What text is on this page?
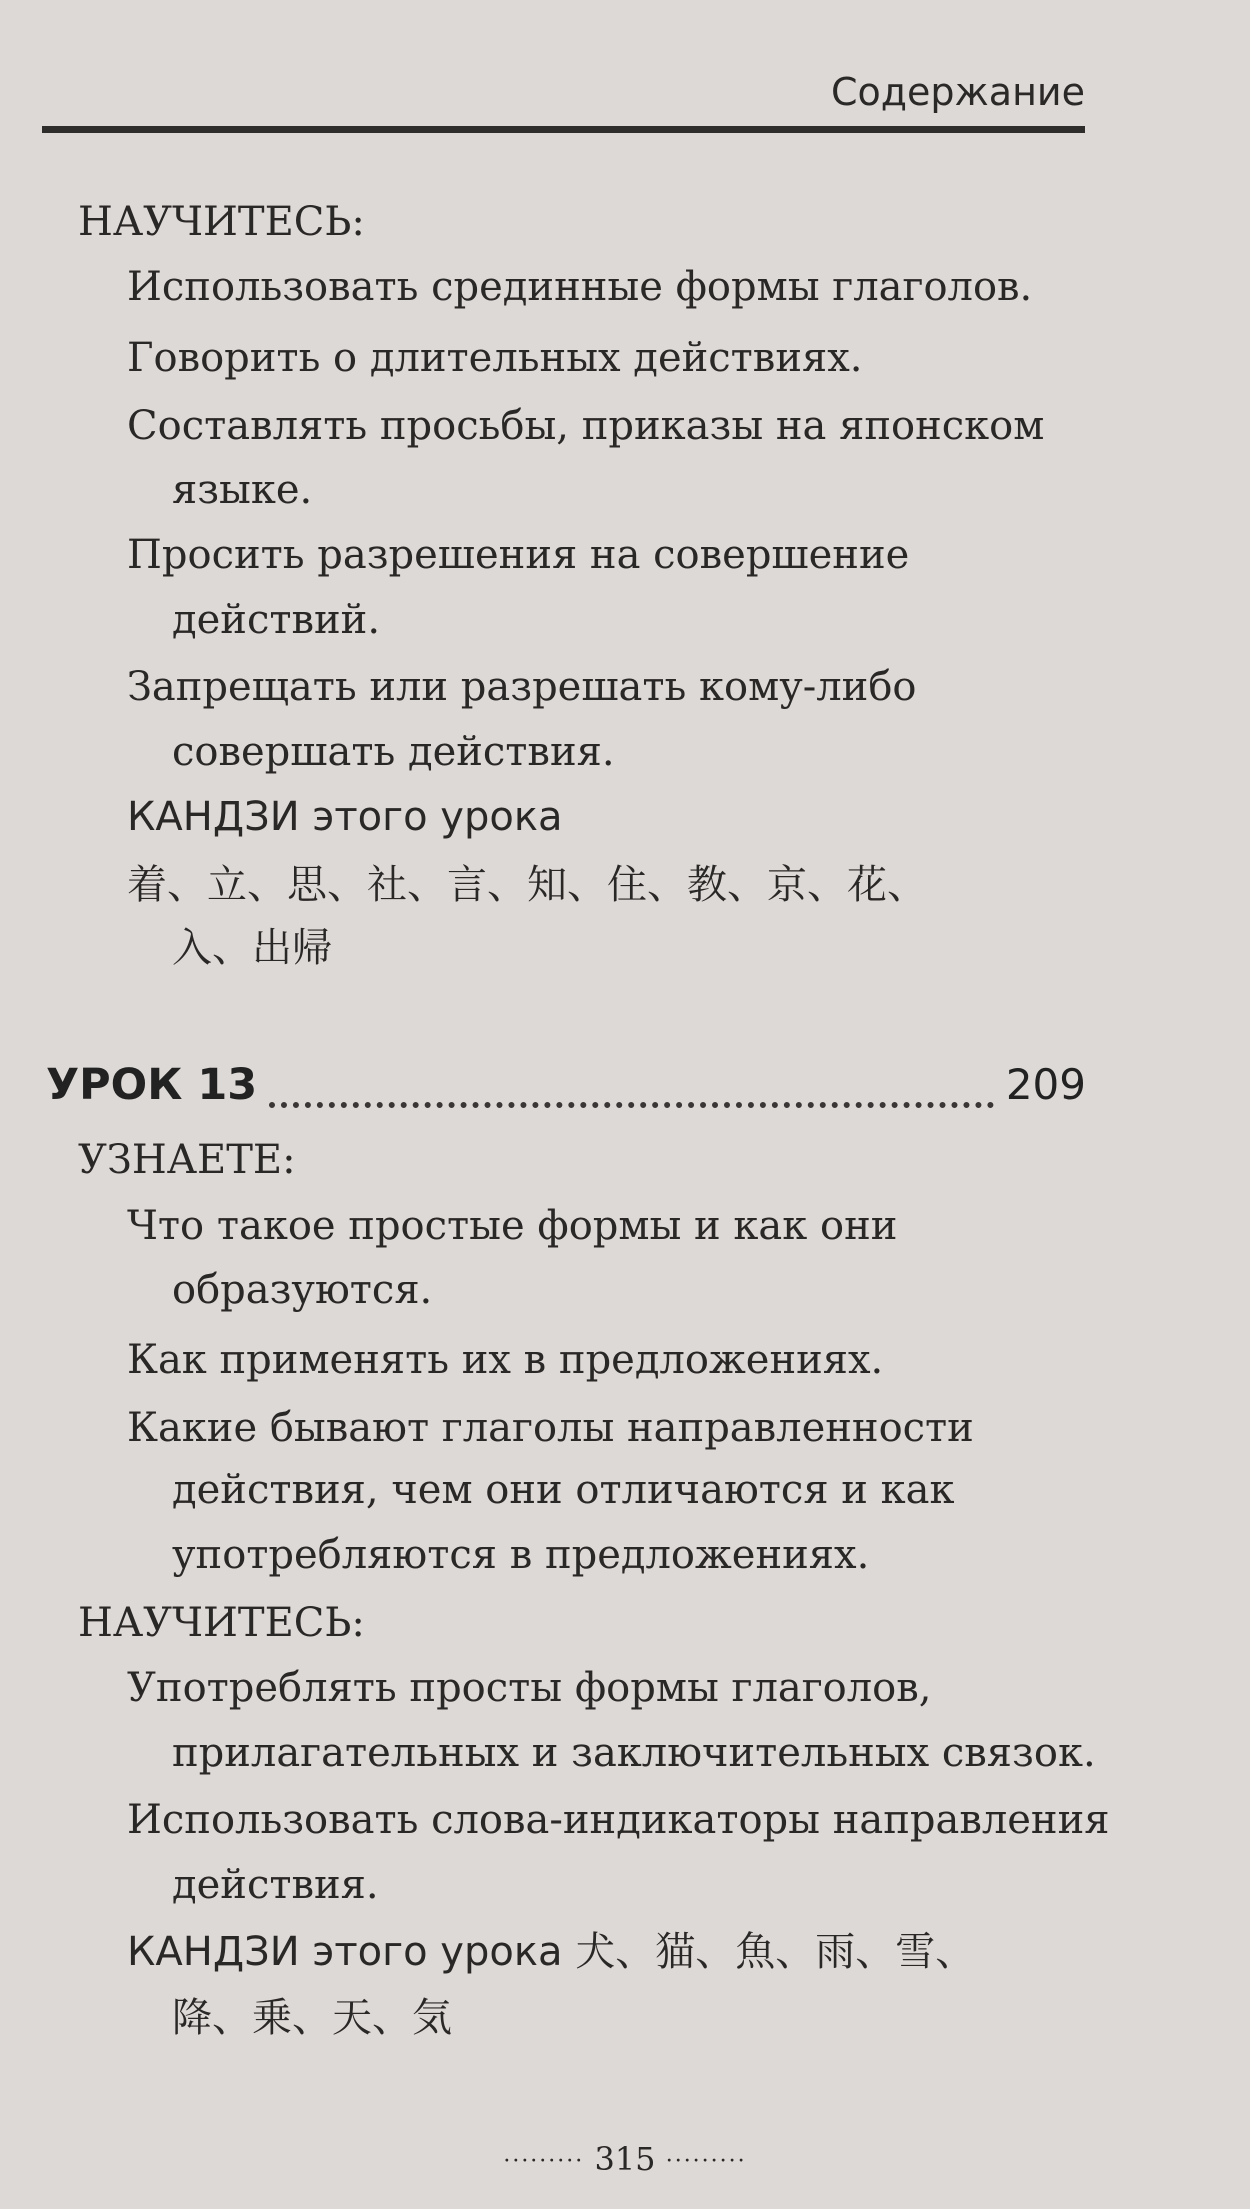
Содержание
НАУЧИТЕСЬ:
Использовать срединные формы глаголов.
Говорить о длительных действиях.
Составлять просьбы, приказы на японском
языке.
Просить разрешения на совершение
действий.
Запрещать или разрешать кому-либо
совершать действия.
КАНДЗИ этого урока
着、立、思、社、言、知、住、教、京、花、
入、出帰
УРОК 13	209
УЗНАЕТЕ:
Что такое простые формы и как они
образуются.
Как применять их в предложениях.
Какие бывают глаголы направленности
действия, чем они отличаются и как
употребляются в предложениях.
НАУЧИТЕСЬ:
Употреблять просты формы глаголов,
прилагательных и заключительных связок.
Использовать слова-индикаторы направления
действия.
КАНДЗИ этого урока 犬、猫、魚、雨、雪、
降、乗、天、気
········· 315 ·········
